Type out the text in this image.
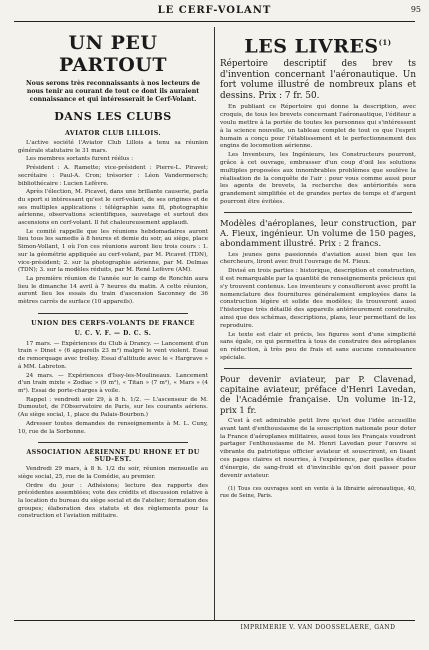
LE CERF-VOLANT	95
UN PEU PARTOUT
Nous serons très reconnaissants à nos lecteurs de nous tenir au courant de tout ce dont ils auraient connaissance et qui intéresserait le Cerf-Volant.
DANS LES CLUBS
AVIATOR CLUB LILLOIS.
L'active société l'Aviator Club Lillois a tenu sa réunion générale statutaire le 31 mars.
Les membres sortants furent réélus :
Président : A. Ramette; vice-président : Pierre-L. Piravet; secrétaire : Paul-A. Cron; trésorier : Léon Vandermersch; bibliothécaire : Lucien Lefèvre.
Après l'élection, M. Picavet, dans une brillante causerie, parla du sport si intéressant qu'est le cerf-volant, de ses origines et de ses multiples applications : télégraphie sans fil, photographie aérienne, observations scientifiques, sauvetage et surtout des ascensions en cerf-volant. Il fut chaleureusement applaudi.
Le comité rappelle que les réunions hebdomadaires auront lieu tous les samedis à 8 heures et demie du soir, au siège, place Simon-Vollant, 1 où l'on ces réunions auront lieu trois cours : 1. sur la géométrie appliquée au cerf-volant, par M. Picavet (TDN), vice-président; 2. sur la photographie aérienne, par M. Delmas (TDN); 3. sur la modèles réduits, par M. René Lefèvre (AM).
La première réunion de l'année sur le camp de Ronchin aura lieu le dimanche 14 avril à 7 heures du matin. A cette réunion, auront lieu les essais du train d'ascension Saconney de 36 mètres carrés de surface (10 appareils).
UNION DES CERFS-VOLANTS DE FRANCE
U. C. V. F. — D. C. S.
17 mars. — Expériences du Club à Drancy. — Lancement d'un train « Dinet » (6 appareils 23 m²) malgré le vent violent. Essai de remorquage avec trolley. Essai d'altitude avec le « Hargrave » à MM. Labreton.
24 mars. — Expériences d'Issy-les-Moulineaux. Lancement d'un train mixte « Zodiac » (9 m²), « Titan » (7 m²), « Mars » (4 m²). Essai de porte-charges à voile.
Rappel : vendredi soir 29, à 8 h. 1/2. — L'ascenseur de M. Dumoutet, de l'Observatoire de Paris, sur les courants aériens. (Au siège social, 1, place du Palais-Bourbon.)
Adresser toutes demandes de renseignements à M. L. Cuny, 10, rue de la Sorbonne.
ASSOCIATION AÉRIENNE DU RHONE ET DU SUD-EST.
Vendredi 29 mars, à 8 h. 1/2 du soir, réunion mensuelle au siège social, 25, rue de la Comédie, au premier.
Ordre du jour : Adhésions; lecture des rapports des précédentes assemblées; vote des crédits et discussion relative à la location du bureau du siège social et de l'atelier; formation des groupes; élaboration des statuts et des règlements pour la construction et l'aviation militaire.
LES LIVRES$^{(1)}$
Répertoire descriptif des brev ts d'invention concernant l'aéronautique. Un fort volume illustré de nombreux plans et dessins. Prix : 7 fr. 50.
En publiant ce Répertoire qui donne la description, avec croquis, de tous les brevets concernant l'aéronautique, l'éditeur a voulu mettre à la portée de toutes les personnes qui s'intéressent à la science nouvelle, un tableau complet de tout ce que l'esprit humain a conçu pour l'établissement et le perfectionnement des engins de locomotion aérienne.
Les Inventeurs, les Ingénieurs, les Constructeurs pourront, grâce à cet ouvrage, embrasser d'un coup d'œil les solutions multiples proposées aux innombrables problèmes que soulève la réalisation de la conquête de l'air : pour vous comme aussi pour les agents de brevets, la recherche des antériorités sera grandement simplifiée et de grandes pertes de temps et d'argent pourront être évitées.
Modèles d'aéroplanes, leur construction, par A. Fieux, ingénieur. Un volume de 150 pages, abondamment illustré. Prix : 2 francs.
Les jeunes gens passionnés d'aviation aussi bien que les chercheurs, liront avec fruit l'ouvrage de M. Fieux.
Divisé en trois parties : historique, description et construction, il est remarquable par la quantité de renseignements précieux qui s'y trouvent contenus. Les inventeurs y consulteront avec profit la nomenclature des fournitures généralement employées dans la construction légère et solide des modèles; ils trouveront aussi l'historique très détaillé des appareils antérieurement construits, ainsi que des schémas, descriptions, plans, leur permettant de les reproduire.
Le texte est clair et précis, les figures sont d'une simplicité sans égale, ce qui permettra à tous de construire des aéroplanes en réduction, à très peu de frais et sans aucune connaissance spéciale.
Pour devenir aviateur, par P. Clavenad, capitaine aviateur, préface d'Henri Lavedan, de l'Académie française. Un volume in-12, prix 1 fr.
C'est à cet admirable petit livre qu'est due l'idée accueillie avant tant d'enthousiasme de la souscription nationale pour doter la France d'aéroplanes militaires, aussi tous les Français voudront partager l'enthousiasme de M. Henri Lavedan pour l'œuvre si vibrante du patriotique officier aviateur et souscriront, en lisant ces pages claires et nourries, à l'expérience, par quelles études d'énergie, de sang-froid et d'invincible qu'on doit passer pour devenir aviateur.
(1) Tous ces ouvrages sont en vente à la librairie aéronautique, 40, rue de Seine, Paris.
IMPRIMERIE V. VAN DOOSSELAERE, GAND
